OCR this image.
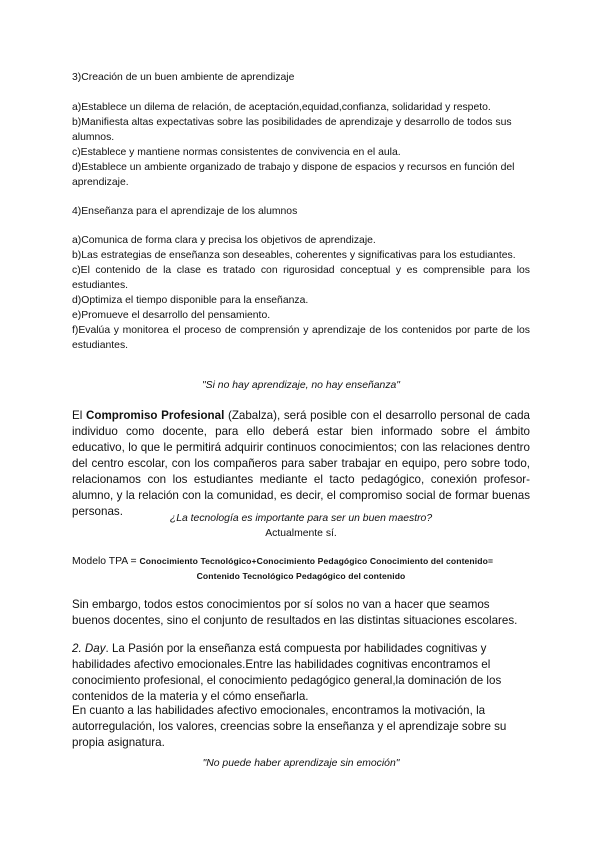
3)Creación de un buen ambiente de aprendizaje

a)Establece un dilema de relación, de aceptación,equidad,confianza, solidaridad y respeto.

b)Manifiesta altas expectativas sobre las posibilidades de aprendizaje y desarrollo de todos sus alumnos.

c)Establece y mantiene normas consistentes de convivencia en el aula.

d)Establece un ambiente organizado de trabajo y dispone de espacios y recursos en función del aprendizaje.

4)Enseñanza para el aprendizaje de los alumnos

a)Comunica de forma clara y precisa los objetivos de aprendizaje.

b)Las estrategias de enseñanza son deseables, coherentes y significativas para los estudiantes.

c)El contenido de la clase es tratado con rigurosidad conceptual y es comprensible para los estudiantes.

d)Optimiza el tiempo disponible para la enseñanza.

e)Promueve el desarrollo del pensamiento.

f)Evalúa y monitorea el proceso de comprensión y aprendizaje de los contenidos por parte de los estudiantes.

"Si no hay aprendizaje, no hay enseñanza"

El Compromiso Profesional (Zabalza), será posible con el desarrollo personal de cada individuo como docente, para ello deberá estar bien informado sobre el ámbito educativo, lo que le permitirá adquirir continuos conocimientos; con las relaciones dentro del centro escolar, con los compañeros para saber trabajar en equipo, pero sobre todo, relacionamos con los estudiantes mediante el tacto pedagógico, conexión profesor-alumno, y la relación con la comunidad, es decir, el compromiso social de formar buenas personas.

¿La tecnología es importante para ser un buen maestro?

Actualmente sí.

Modelo TPA = Conocimiento Tecnológico+Conocimiento Pedagógico Conocimiento del contenido=

Contenido Tecnológico Pedagógico del contenido

Sin embargo, todos estos conocimientos por sí solos no van a hacer que seamos buenos docentes, sino el conjunto de resultados en las distintas situaciones escolares.

2. Day. La Pasión por la enseñanza está compuesta por habilidades cognitivas y habilidades afectivo emocionales.Entre las habilidades cognitivas encontramos el conocimiento profesional, el conocimiento pedagógico general,la dominación de los contenidos de la materia y el cómo enseñarla.

En cuanto a las habilidades afectivo emocionales, encontramos la motivación, la autorregulación, los valores, creencias sobre la enseñanza y el aprendizaje sobre su propia asignatura.

"No puede haber aprendizaje sin emoción"
